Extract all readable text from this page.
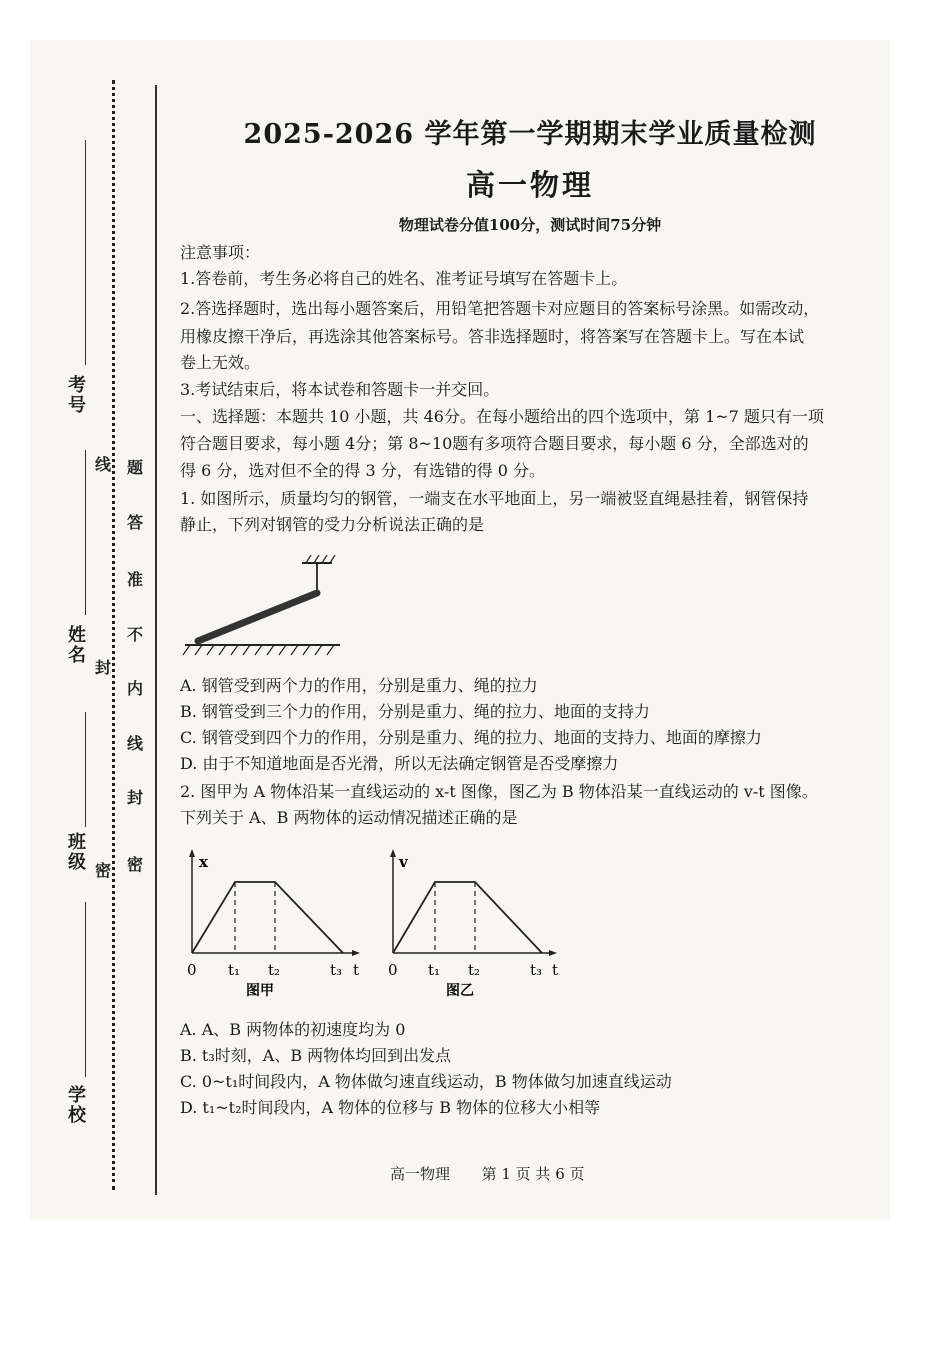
考号
姓名
班级
学校
线
封
密
题
答
准
不
内
线
封
密
2025-2026 学年第一学期期末学业质量检测
高一物理
物理试卷分值100分，测试时间75分钟
注意事项：
1.答卷前，考生务必将自己的姓名、准考证号填写在答题卡上。
2.答选择题时，选出每小题答案后，用铅笔把答题卡对应题目的答案标号涂黑。如需改动，
用橡皮擦干净后，再选涂其他答案标号。答非选择题时，将答案写在答题卡上。写在本试
卷上无效。
3.考试结束后，将本试卷和答题卡一并交回。
一、选择题：本题共 10 小题，共 46分。在每小题给出的四个选项中，第 1~7 题只有一项
符合题目要求，每小题 4分；第 8~10题有多项符合题目要求，每小题 6 分，全部选对的
得 6 分，选对但不全的得 3 分，有选错的得 0 分。
1. 如图所示，质量均匀的钢管，一端支在水平地面上，另一端被竖直绳悬挂着，钢管保持
静止，下列对钢管的受力分析说法正确的是
A. 钢管受到两个力的作用，分别是重力、绳的拉力
B. 钢管受到三个力的作用，分别是重力、绳的拉力、地面的支持力
C. 钢管受到四个力的作用，分别是重力、绳的拉力、地面的支持力、地面的摩擦力
D. 由于不知道地面是否光滑，所以无法确定钢管是否受摩擦力
2. 图甲为 A 物体沿某一直线运动的 x-t 图像，图乙为 B 物体沿某一直线运动的 v-t 图像。
下列关于 A、B 两物体的运动情况描述正确的是
x
t
0 t₁ t₂	t₃
图甲
v
t
0 t₁ t₂	t₃
图乙
A. A、B 两物体的初速度均为 0
B. t₃时刻，A、B 两物体均回到出发点
C. 0~t₁时间段内，A 物体做匀速直线运动，B 物体做匀加速直线运动
D. t₁~t₂时间段内，A 物体的位移与 B 物体的位移大小相等
高一物理 第 1 页 共 6 页
